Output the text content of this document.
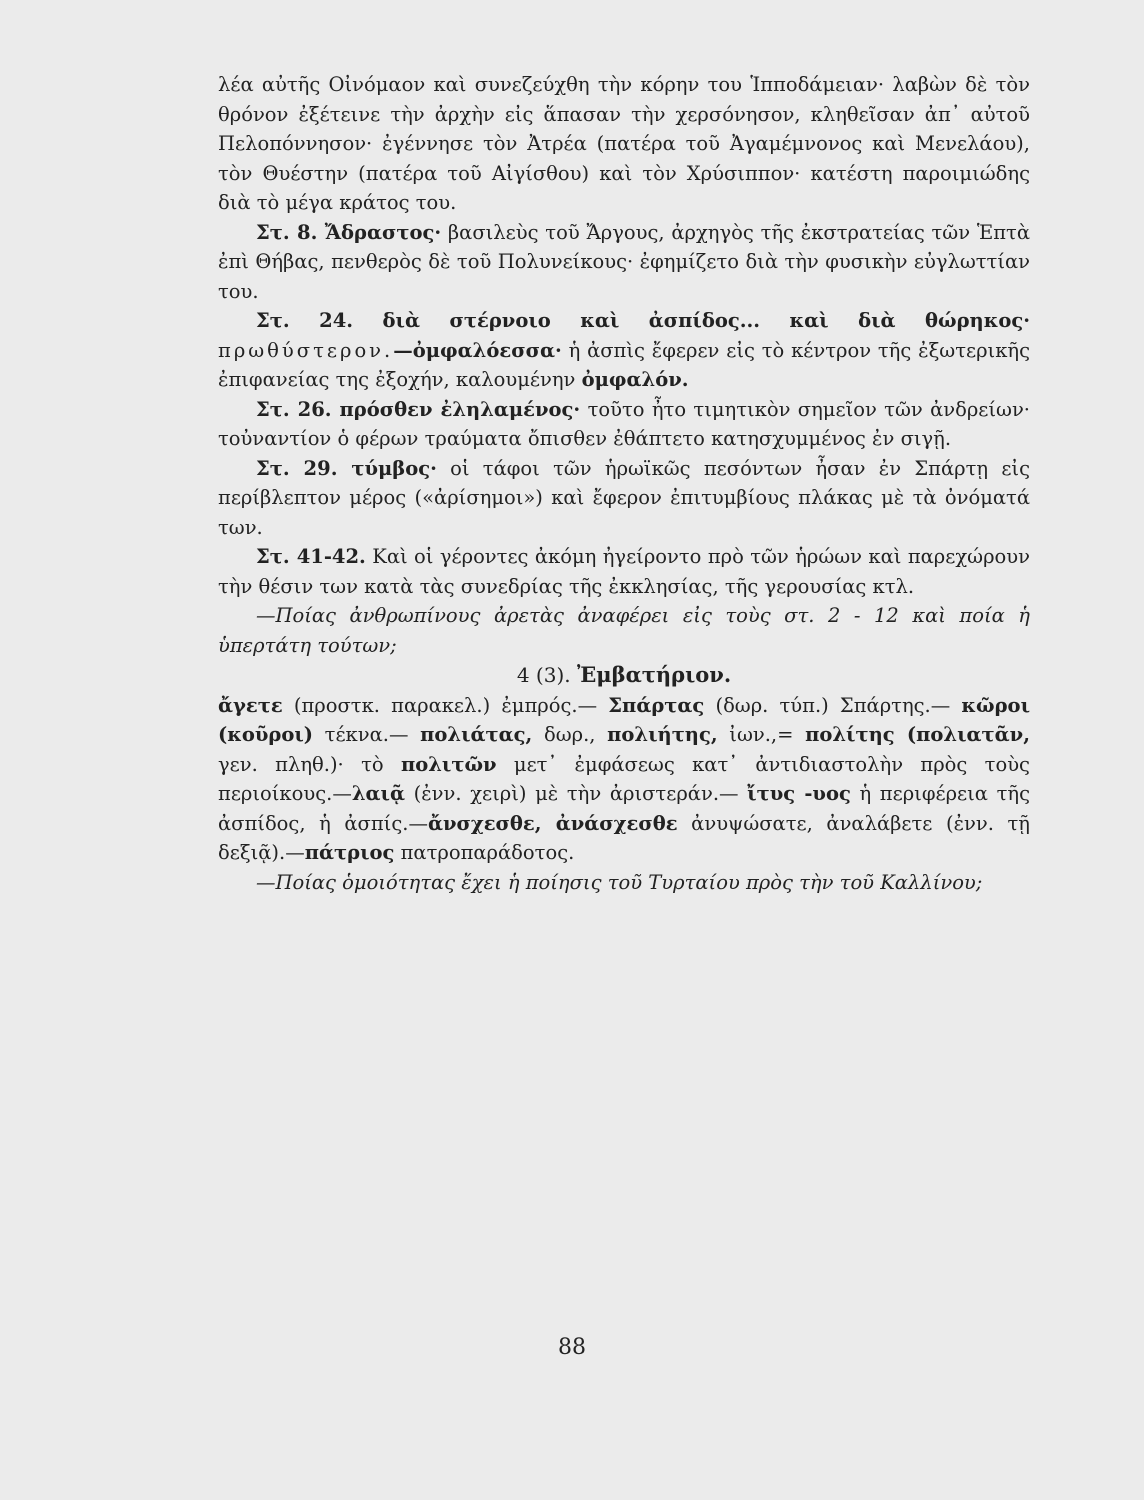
λέα αὐτῆς Οἰνόμαον καὶ συνεζεύχθη τὴν κόρην του Ἱπποδάμειαν· λαβὼν δὲ τὸν θρόνον ἐξέτεινε τὴν ἀρχὴν εἰς ἅπασαν τὴν χερσόνησον, κληθεῖσαν ἀπ᾽ αὐτοῦ Πελοπόννησον· ἐγέννησε τὸν Ἀτρέα (πατέρα τοῦ Ἀγαμέμνονος καὶ Μενελάου), τὸν Θυέστην (πατέρα τοῦ Αἰγίσθου) καὶ τὸν Χρύσιππον· κατέστη παροιμιώδης διὰ τὸ μέγα κράτος του.

Στ. 8. Ἄδραστος· βασιλεὺς τοῦ Ἄργους, ἀρχηγὸς τῆς ἐκστρατείας τῶν Ἑπτὰ ἐπὶ Θήβας, πενθερὸς δὲ τοῦ Πολυνείκους· ἐφημίζετο διὰ τὴν φυσικὴν εὐγλωττίαν του.

Στ. 24. διὰ στέρνοιο καὶ ἀσπίδος... καὶ διὰ θώρηκος· πρωθύστερον.—ὀμφαλόεσσα· ἡ ἀσπὶς ἔφερεν εἰς τὸ κέντρον τῆς ἐξωτερικῆς ἐπιφανείας της ἐξοχήν, καλουμένην ὀμφαλόν.

Στ. 26. πρόσθεν ἐληλαμένος· τοῦτο ἦτο τιμητικὸν σημεῖον τῶν ἀνδρείων· τοὐναντίον ὁ φέρων τραύματα ὄπισθεν ἐθάπτετο κατησχυμμένος ἐν σιγῇ.

Στ. 29. τύμβος· οἱ τάφοι τῶν ἡρωϊκῶς πεσόντων ἦσαν ἐν Σπάρτῃ εἰς περίβλεπτον μέρος («ἀρίσημοι») καὶ ἔφερον ἐπιτυμβίους πλάκας μὲ τὰ ὀνόματά των.

Στ. 41-42. Καὶ οἱ γέροντες ἀκόμη ἠγείροντο πρὸ τῶν ἡρώων καὶ παρεχώρουν τὴν θέσιν των κατὰ τὰς συνεδρίας τῆς ἐκκλησίας, τῆς γερουσίας κτλ.

—Ποίας ἀνθρωπίνους ἀρετὰς ἀναφέρει εἰς τοὺς στ. 2 - 12 καὶ ποία ἡ ὑπερτάτη τούτων;

4 (3). Ἐμβατήριον.

ἄγετε (προστκ. παρακελ.) ἐμπρός.— Σπάρτας (δωρ. τύπ.) Σπάρτης.— κῶροι (κοῦροι) τέκνα.— πολιάτας, δωρ., πολιήτης, ἰων.,= πολίτης (πολιατᾶν, γεν. πληθ.)· τὸ πολιτῶν μετ᾽ ἐμφάσεως κατ᾽ ἀντιδιαστολὴν πρὸς τοὺς περιοίκους.—λαιᾷ (ἐνν. χειρὶ) μὲ τὴν ἀριστεράν.— ἴτυς -υος ἡ περιφέρεια τῆς ἀσπίδος, ἡ ἀσπίς.—ἄνσχεσθε, ἀνάσχεσθε ἀνυψώσατε, ἀναλάβετε (ἐνν. τῇ δεξιᾷ).—πάτριος πατροπαράδοτος.

—Ποίας ὁμοιότητας ἔχει ἡ ποίησις τοῦ Τυρταίου πρὸς τὴν τοῦ Καλλίνου;

88
